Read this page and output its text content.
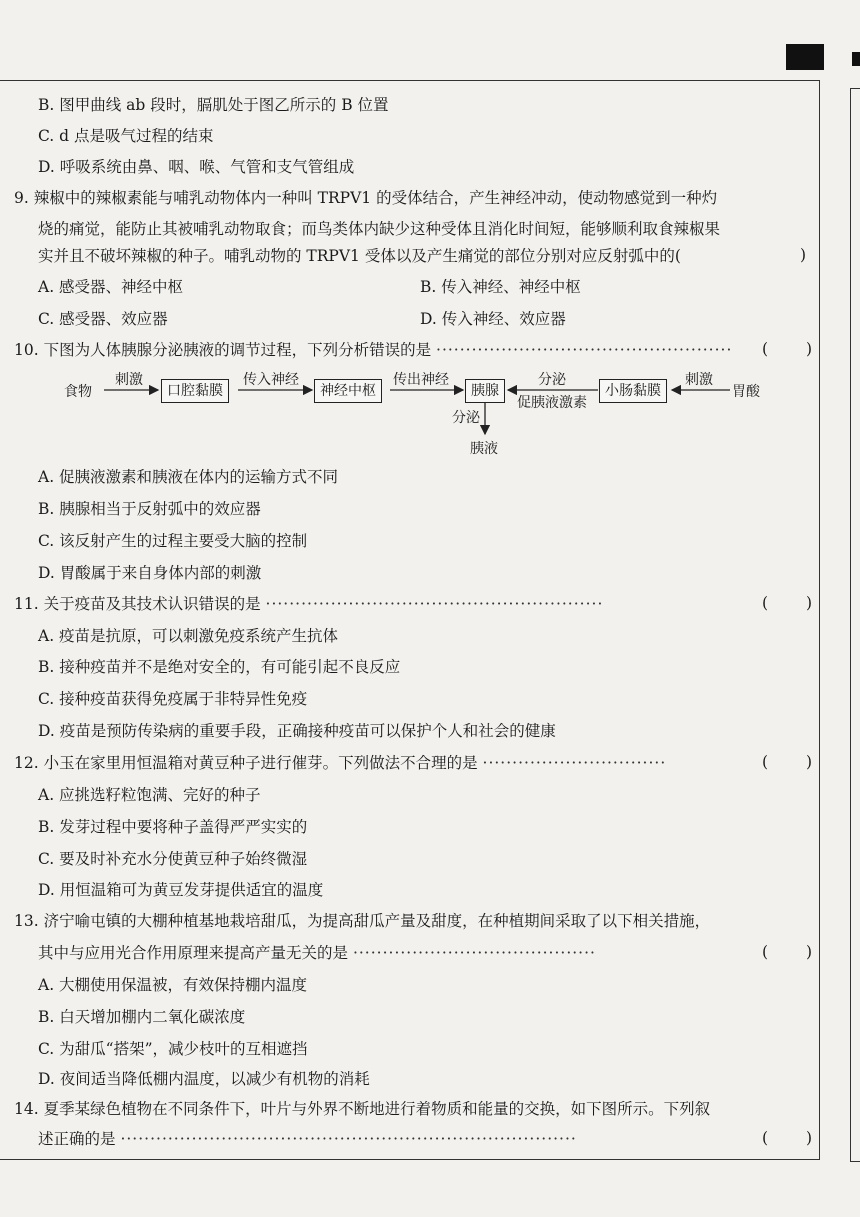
B. 图甲曲线 ab 段时，膈肌处于图乙所示的 B 位置
C. d 点是吸气过程的结束
D. 呼吸系统由鼻、咽、喉、气管和支气管组成
9. 辣椒中的辣椒素能与哺乳动物体内一种叫 TRPV1 的受体结合，产生神经冲动，使动物感觉到一种灼
烧的痛觉，能防止其被哺乳动物取食；而鸟类体内缺少这种受体且消化时间短，能够顺利取食辣椒果
实并且不破坏辣椒的种子。哺乳动物的 TRPV1 受体以及产生痛觉的部位分别对应反射弧中的(	)
A. 感受器、神经中枢	B. 传入神经、神经中枢
C. 感受器、效应器	D. 传入神经、效应器
10. 下图为人体胰腺分泌胰液的调节过程，下列分析错误的是 ·················································· ( )
食物
刺激
口腔黏膜
传入神经
神经中枢
传出神经
胰腺
分泌
促胰液激素
小肠黏膜
刺激
胃酸
分泌
胰液
A. 促胰液激素和胰液在体内的运输方式不同
B. 胰腺相当于反射弧中的效应器
C. 该反射产生的过程主要受大脑的控制
D. 胃酸属于来自身体内部的刺激
11. 关于疫苗及其技术认识错误的是 ·························································	( )
A. 疫苗是抗原，可以刺激免疫系统产生抗体
B. 接种疫苗并不是绝对安全的，有可能引起不良反应
C. 接种疫苗获得免疫属于非特异性免疫
D. 疫苗是预防传染病的重要手段，正确接种疫苗可以保护个人和社会的健康
12. 小玉在家里用恒温箱对黄豆种子进行催芽。下列做法不合理的是 ·······························	( )
A. 应挑选籽粒饱满、完好的种子
B. 发芽过程中要将种子盖得严严实实的
C. 要及时补充水分使黄豆种子始终微湿
D. 用恒温箱可为黄豆发芽提供适宜的温度
13. 济宁喻屯镇的大棚种植基地栽培甜瓜，为提高甜瓜产量及甜度，在种植期间采取了以下相关措施，
其中与应用光合作用原理来提高产量无关的是 ·········································	( )
A. 大棚使用保温被，有效保持棚内温度
B. 白天增加棚内二氧化碳浓度
C. 为甜瓜“搭架”，减少枝叶的互相遮挡
D. 夜间适当降低棚内温度，以减少有机物的消耗
14. 夏季某绿色植物在不同条件下，叶片与外界不断地进行着物质和能量的交换，如下图所示。下列叙
述正确的是 ·············································································	( )
